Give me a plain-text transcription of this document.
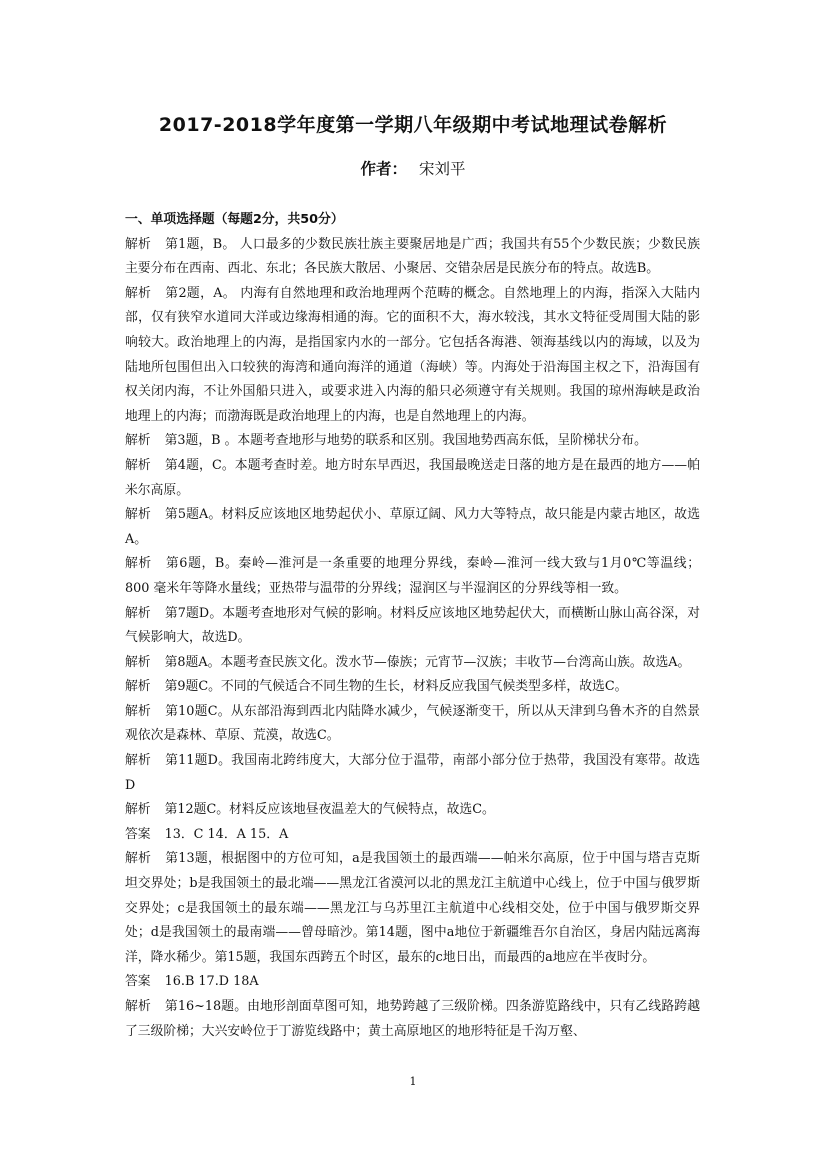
2017-2018学年度第一学期八年级期中考试地理试卷解析

作者： 宋刘平

一、单项选择题（每题2分，共50分）

解析 第1题，B。 人口最多的少数民族壮族主要聚居地是广西；我国共有55个少数民族；少数民族主要分布在西南、西北、东北；各民族大散居、小聚居、交错杂居是民族分布的特点。故选B。

解析 第2题，A。 内海有自然地理和政治地理两个范畴的概念。自然地理上的内海，指深入大陆内部，仅有狭窄水道同大洋或边缘海相通的海。它的面积不大，海水较浅，其水文特征受周围大陆的影响较大。政治地理上的内海，是指国家内水的一部分。它包括各海港、领海基线以内的海域，以及为陆地所包围但出入口较狭的海湾和通向海洋的通道（海峡）等。内海处于沿海国主权之下，沿海国有权关闭内海，不让外国船只进入，或要求进入内海的船只必须遵守有关规则。我国的琼州海峡是政治地理上的内海；而渤海既是政治地理上的内海，也是自然地理上的内海。

解析 第3题，B 。本题考查地形与地势的联系和区别。我国地势西高东低，呈阶梯状分布。

解析 第4题，C。本题考查时差。地方时东早西迟，我国最晚送走日落的地方是在最西的地方——帕米尔高原。

解析 第5题A。材料反应该地区地势起伏小、草原辽阔、风力大等特点，故只能是内蒙古地区，故选A。

解析 第6题，B。秦岭—淮河是一条重要的地理分界线，秦岭—淮河一线大致与1月0℃等温线； 800 毫米年等降水量线；亚热带与温带的分界线；湿润区与半湿润区的分界线等相一致。

解析 第7题D。本题考查地形对气候的影响。材料反应该地区地势起伏大，而横断山脉山高谷深，对气候影响大，故选D。

解析 第8题A。本题考查民族文化。泼水节—傣族；元宵节—汉族；丰收节—台湾高山族。故选A。

解析 第9题C。不同的气候适合不同生物的生长，材料反应我国气候类型多样，故选C。

解析 第10题C。从东部沿海到西北内陆降水减少，气候逐渐变干，所以从天津到乌鲁木齐的自然景观依次是森林、草原、荒漠，故选C。

解析 第11题D。我国南北跨纬度大，大部分位于温带，南部小部分位于热带，我国没有寒带。故选D

解析 第12题C。材料反应该地昼夜温差大的气候特点，故选C。

答案 13．C 14．A 15．A

解析 第13题，根据图中的方位可知，a是我国领土的最西端——帕米尔高原，位于中国与塔吉克斯坦交界处；b是我国领土的最北端——黑龙江省漠河以北的黑龙江主航道中心线上，位于中国与俄罗斯交界处；c是我国领土的最东端——黑龙江与乌苏里江主航道中心线相交处，位于中国与俄罗斯交界处；d是我国领土的最南端——曾母暗沙。第14题，图中a地位于新疆维吾尔自治区，身居内陆远离海洋，降水稀少。第15题，我国东西跨五个时区，最东的c地日出，而最西的a地应在半夜时分。

答案 16.B 17.D 18A

解析 第16~18题。由地形剖面草图可知，地势跨越了三级阶梯。四条游览路线中，只有乙线路跨越了三级阶梯；大兴安岭位于丁游览线路中；黄土高原地区的地形特征是千沟万壑、

1
